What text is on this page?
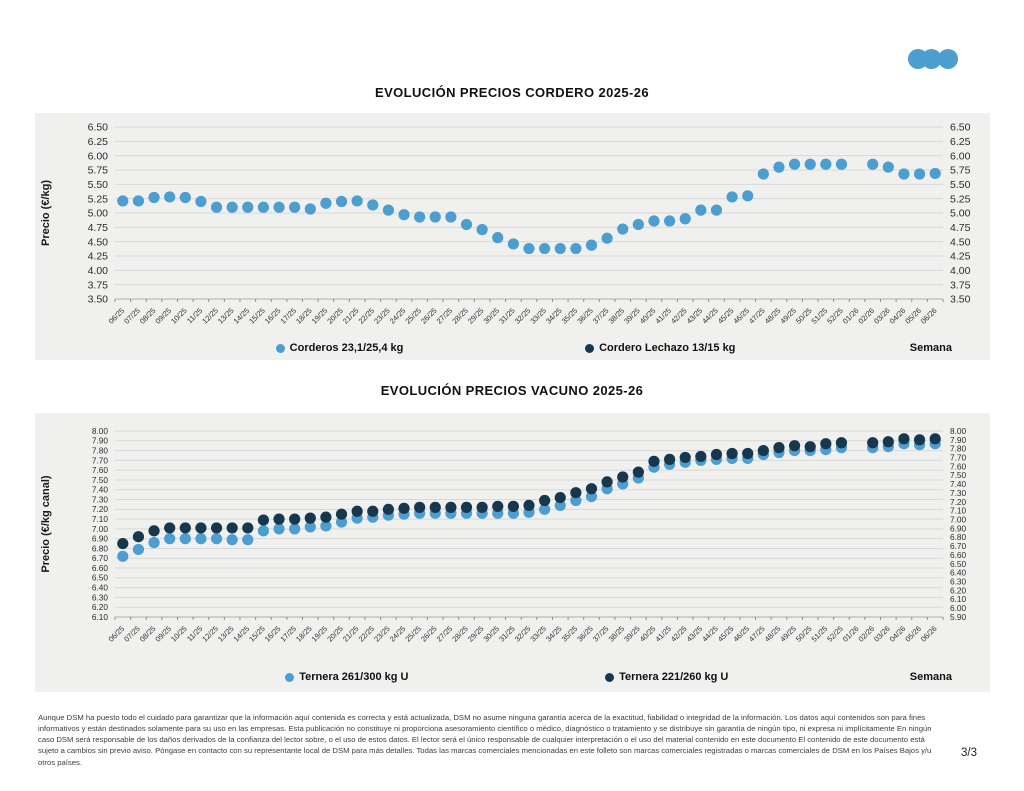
EVOLUCIÓN PRECIOS CORDERO 2025-26
6.50
6.25
6.00
5.75
5.50
5.25
5.00
4.75
4.50
4.25
4.00
3.75
3.50
6.50
6.25
6.00
5.75
5.50
5.25
5.00
4.75
4.50
4.25
4.00
3.75
3.50
06/25
07/25
08/25
09/25
10/25
11/25
12/25
13/25
14/25
15/25
16/25
17/25
18/25
19/25
20/25
21/25
22/25
23/25
24/25
25/25
26/25
27/25
28/25
29/25
30/25
31/25
32/25
33/25
34/25
35/25
36/25
37/25
38/25
39/25
40/25
41/25
42/25
43/25
44/25
45/25
46/25
47/25
48/25
49/25
50/25
51/25
52/25
01/26
02/26
03/26
04/26
05/26
06/26
Precio (€/kg)
Corderos 23,1/25,4 kg	Cordero Lechazo 13/15 kg	Semana
EVOLUCIÓN PRECIOS VACUNO 2025-26
8.00
7.90
7.80
7.70
7.60
7.50
7.40
7.30
7.20
7.10
7.00
6.90
6.80
6.70
6.60
6.50
6.40
6.30
6.20
6.10
8.00
7.90
7.80
7.70
7.60
7.50
7.40
7.30
7.20
7.10
7.00
6.90
6.80
6.70
6.60
6.50
6.40
6.30
6.20
6.10
6.00
5.90
06/25
07/25
08/25
09/25
10/25
11/25
12/25
13/25
14/25
15/25
16/25
17/25
18/25
19/25
20/25
21/25
22/25
23/25
24/25
25/25
26/25
27/25
28/25
29/25
30/25
31/25
32/25
33/25
34/25
35/25
36/25
37/25
38/25
39/25
40/25
41/25
42/25
43/25
44/25
45/25
46/25
47/25
48/25
49/25
50/25
51/25
52/25
01/26
02/26
03/26
04/26
05/26
06/26
Precio (€/kg canal)
Ternera 261/300 kg U	Ternera 221/260 kg U	Semana
Aunque DSM ha puesto todo el cuidado para garantizar que la información aquí contenida es correcta y está actualizada, DSM no asume ninguna garantía acerca de la exactitud, fiabilidad o integridad de la información. Los datos aquí contenidos son para fines informativos y están destinados solamente para su uso en las empresas. Esta publicación no constituye ni proporciona asesoramiento científico o médico, diagnóstico o tratamiento y se distribuye sin garantía de ningún tipo, ni expresa ni implícitamente En ningún caso DSM será responsable de los daños derivados de la confianza del lector sobre, o el uso de estos datos. El lector será el único responsable de cualquier interpretación o el uso del material contenido en este documento El contenido de este documento está sujeto a cambios sin previo aviso. Póngase en contacto con su representante local de DSM para más detalles. Todas las marcas comerciales mencionadas en este folleto son marcas comerciales registradas o marcas comerciales de DSM en los Países Bajos y/u otros países.
3/3
